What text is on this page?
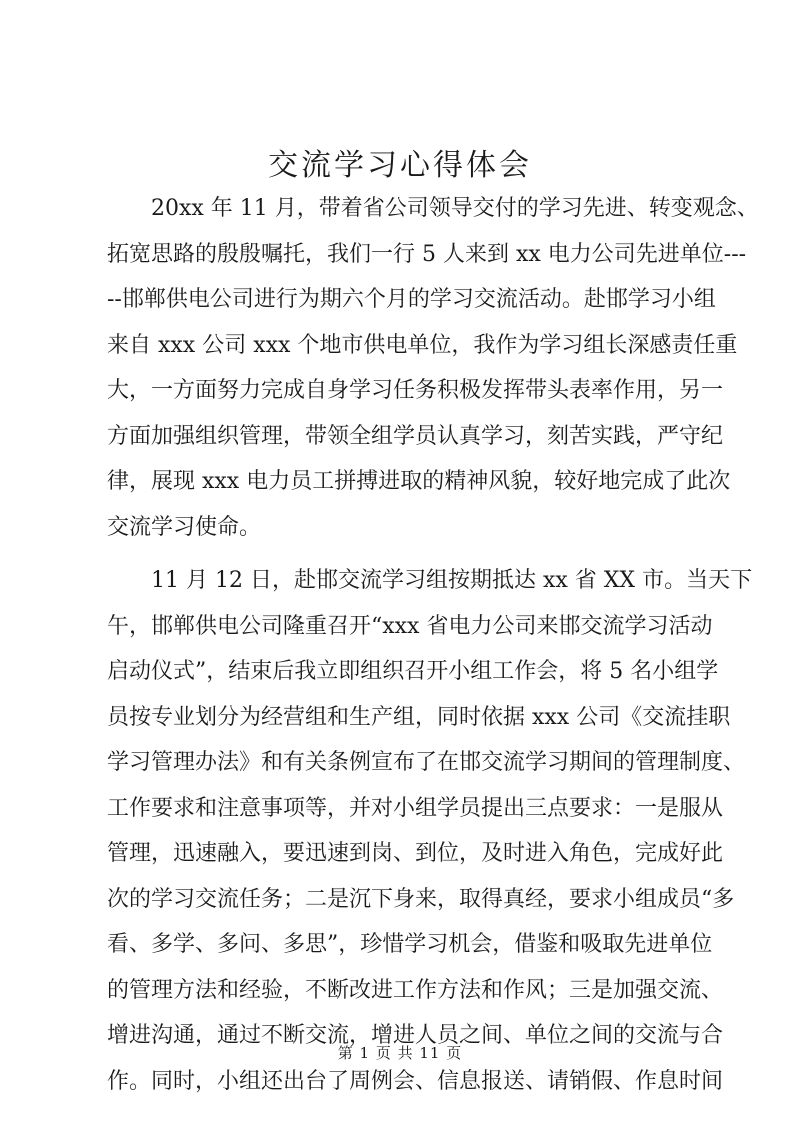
交流学习心得体会
20xx 年 11 月，带着省公司领导交付的学习先进、转变观念、
拓宽思路的殷殷嘱托，我们一行 5 人来到 xx 电力公司先进单位---
--邯郸供电公司进行为期六个月的学习交流活动。赴邯学习小组
来自 xxx 公司 xxx 个地市供电单位，我作为学习组长深感责任重
大，一方面努力完成自身学习任务积极发挥带头表率作用，另一
方面加强组织管理，带领全组学员认真学习，刻苦实践，严守纪
律，展现 xxx 电力员工拼搏进取的精神风貌，较好地完成了此次
交流学习使命。
11 月 12 日，赴邯交流学习组按期抵达 xx 省 XX 市。当天下
午，邯郸供电公司隆重召开“xxx 省电力公司来邯交流学习活动
启动仪式”，结束后我立即组织召开小组工作会，将 5 名小组学
员按专业划分为经营组和生产组，同时依据 xxx 公司《交流挂职
学习管理办法》和有关条例宣布了在邯交流学习期间的管理制度、
工作要求和注意事项等，并对小组学员提出三点要求：一是服从
管理，迅速融入，要迅速到岗、到位，及时进入角色，完成好此
次的学习交流任务；二是沉下身来，取得真经，要求小组成员“多
看、多学、多问、多思”，珍惜学习机会，借鉴和吸取先进单位
的管理方法和经验，不断改进工作方法和作风；三是加强交流、
增进沟通，通过不断交流，增进人员之间、单位之间的交流与合
作。同时，小组还出台了周例会、信息报送、请销假、作息时间
第 1 页 共 11 页
